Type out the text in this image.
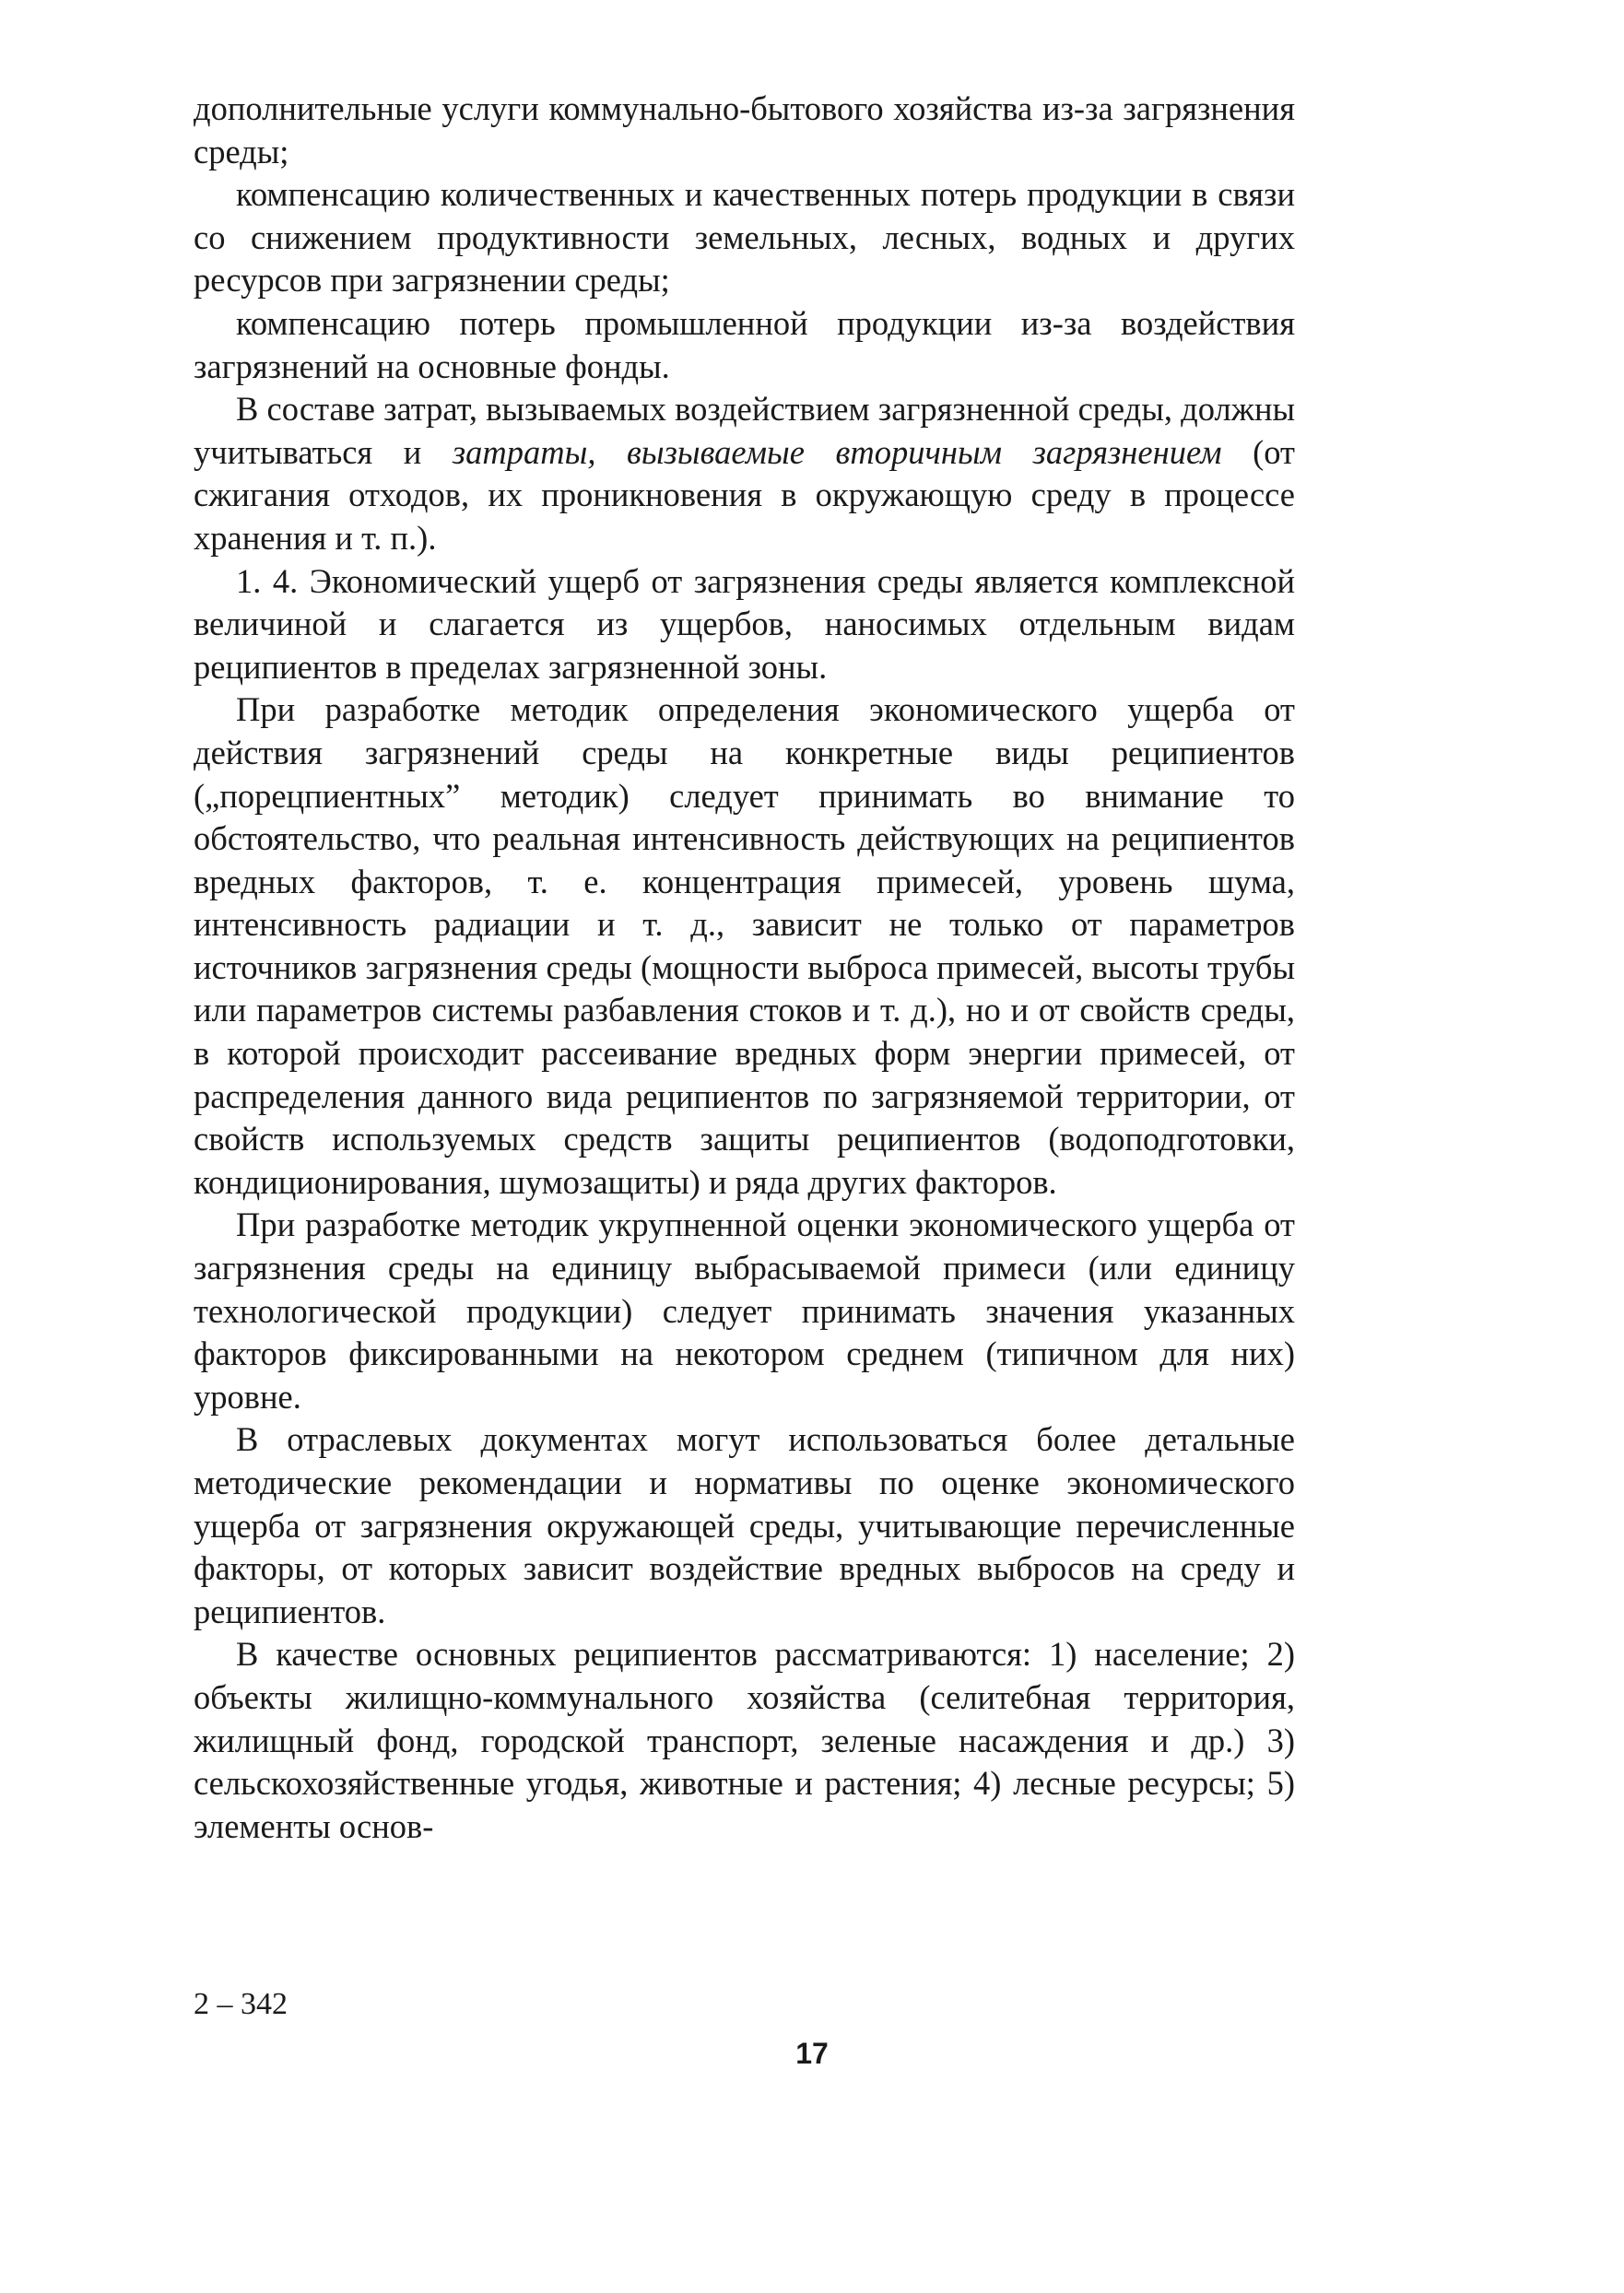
дополнительные услуги коммунально-бытового хозяйства из-за загрязнения среды;

компенсацию количественных и качественных потерь продукции в связи со снижением продуктивности земельных, лесных, водных и других ресурсов при загрязнении среды;

компенсацию потерь промышленной продукции из-за воздействия загрязнений на основные фонды.

В составе затрат, вызываемых воздействием загрязненной среды, должны учитываться и затраты, вызываемые вторичным загрязнением (от сжигания отходов, их проникновения в окружающую среду в процессе хранения и т. п.).

1. 4. Экономический ущерб от загрязнения среды является комплексной величиной и слагается из ущербов, наносимых отдельным видам реципиентов в пределах загрязненной зоны.

При разработке методик определения экономического ущерба от действия загрязнений среды на конкретные виды реципиентов („порецпиентных” методик) следует принимать во внимание то обстоятельство, что реальная интенсивность действующих на реципиентов вредных факторов, т. е. концентрация примесей, уровень шума, интенсивность радиации и т. д., зависит не только от параметров источников загрязнения среды (мощности выброса примесей, высоты трубы или параметров системы разбавления стоков и т. д.), но и от свойств среды, в которой происходит рассеивание вредных форм энергии примесей, от распределения данного вида реципиентов по загрязняемой территории, от свойств используемых средств защиты реципиентов (водоподготовки, кондиционирования, шумозащиты) и ряда других факторов.

При разработке методик укрупненной оценки экономического ущерба от загрязнения среды на единицу выбрасываемой примеси (или единицу технологической продукции) следует принимать значения указанных факторов фиксированными на некотором среднем (типичном для них) уровне.

В отраслевых документах могут использоваться более детальные методические рекомендации и нормативы по оценке экономического ущерба от загрязнения окружающей среды, учитывающие перечисленные факторы, от которых зависит воздействие вредных выбросов на среду и реципиентов.

В качестве основных реципиентов рассматриваются: 1) население; 2) объекты жилищно-коммунального хозяйства (селитебная территория, жилищный фонд, городской транспорт, зеленые насаждения и др.) 3) сельскохозяйственные угодья, животные и растения; 4) лесные ресурсы; 5) элементы основ-

2 – 342
17
